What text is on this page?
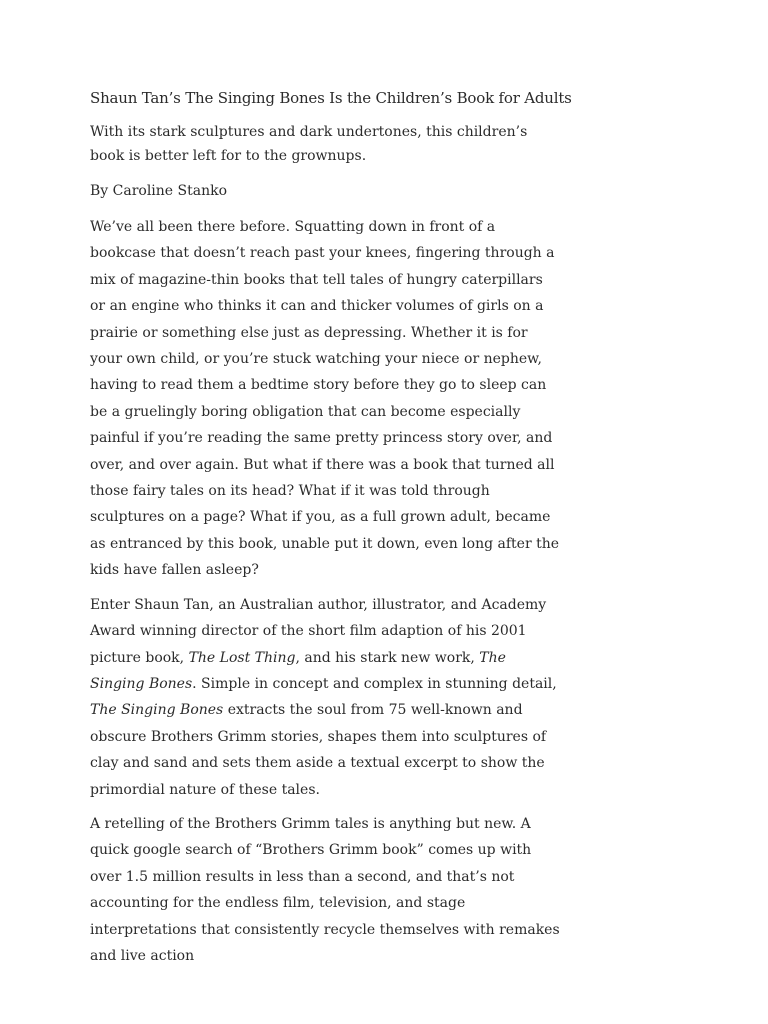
Shaun Tan’s The Singing Bones Is the Children’s Book for Adults

With its stark sculptures and dark undertones, this children’s book is better left for to the grownups.

By Caroline Stanko

We’ve all been there before. Squatting down in front of a bookcase that doesn’t reach past your knees, fingering through a mix of magazine-thin books that tell tales of hungry caterpillars or an engine who thinks it can and thicker volumes of girls on a prairie or something else just as depressing. Whether it is for your own child, or you’re stuck watching your niece or nephew, having to read them a bedtime story before they go to sleep can be a gruelingly boring obligation that can become especially painful if you’re reading the same pretty princess story over, and over, and over again. But what if there was a book that turned all those fairy tales on its head? What if it was told through sculptures on a page? What if you, as a full grown adult, became as entranced by this book, unable put it down, even long after the kids have fallen asleep?

Enter Shaun Tan, an Australian author, illustrator, and Academy Award winning director of the short film adaption of his 2001 picture book, The Lost Thing, and his stark new work, The Singing Bones. Simple in concept and complex in stunning detail, The Singing Bones extracts the soul from 75 well-known and obscure Brothers Grimm stories, shapes them into sculptures of clay and sand and sets them aside a textual excerpt to show the primordial nature of these tales.

A retelling of the Brothers Grimm tales is anything but new. A quick google search of “Brothers Grimm book” comes up with over 1.5 million results in less than a second, and that’s not accounting for the endless film, television, and stage interpretations that consistently recycle themselves with remakes and live action
